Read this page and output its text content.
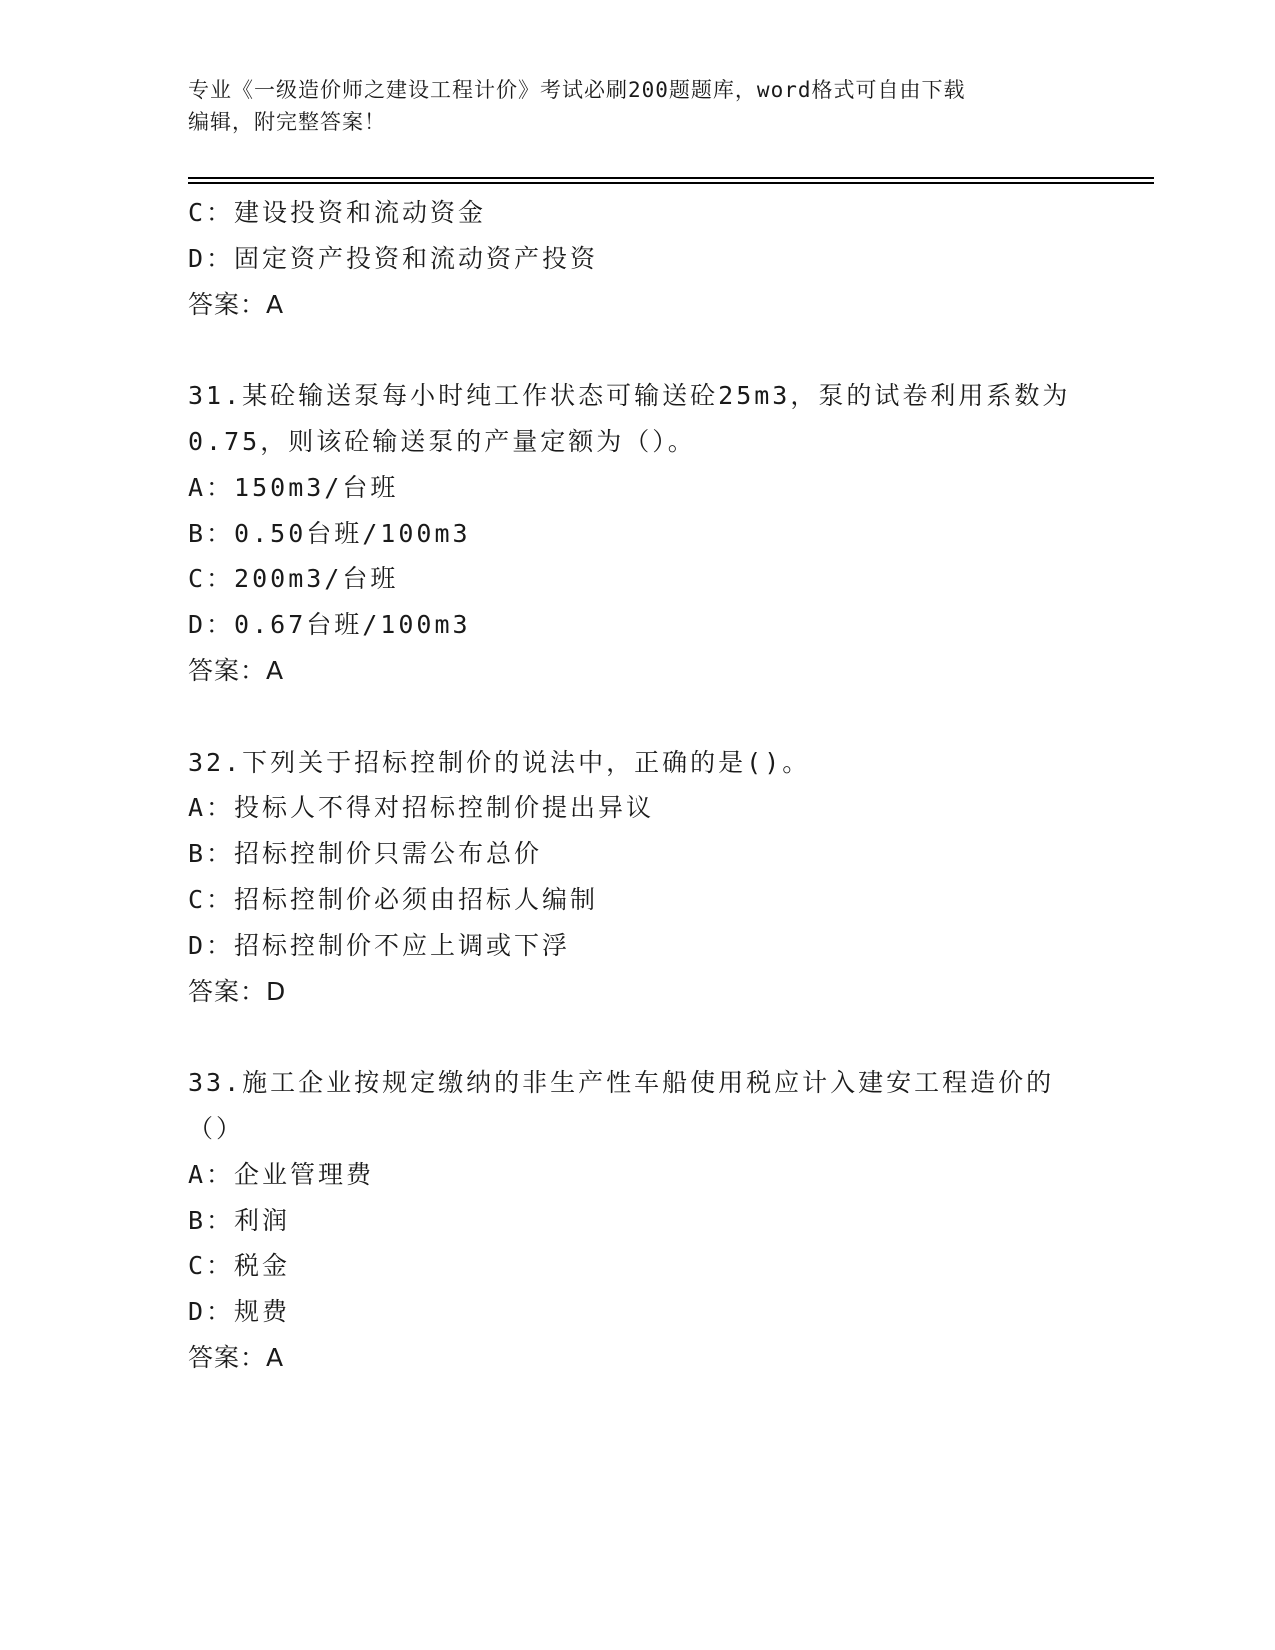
专业《一级造价师之建设工程计价》考试必刷200题题库，word格式可自由下载
编辑，附完整答案！
C：建设投资和流动资金
D：固定资产投资和流动资产投资
答案：A
31.某砼输送泵每小时纯工作状态可输送砼25m3，泵的试卷利用系数为
0.75，则该砼输送泵的产量定额为（）。
A：150m3/台班
B：0.50台班/100m3
C：200m3/台班
D：0.67台班/100m3
答案：A
32.下列关于招标控制价的说法中，正确的是()。
A：投标人不得对招标控制价提出异议
B：招标控制价只需公布总价
C：招标控制价必须由招标人编制
D：招标控制价不应上调或下浮
答案：D
33.施工企业按规定缴纳的非生产性车船使用税应计入建安工程造价的
（）
A：企业管理费
B：利润
C：税金
D：规费
答案：A
